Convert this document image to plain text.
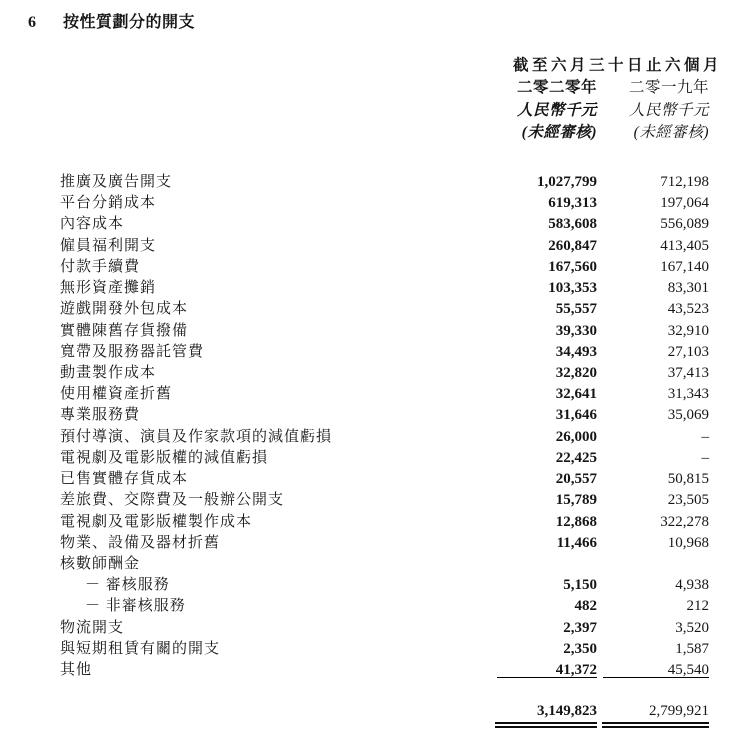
6	按性質劃分的開支
截至六月三十日止六個月
二零二零年	二零一九年
人民幣千元	人民幣千元
(未經審核)	(未經審核)
推廣及廣告開支	1,027,799	712,198
平台分銷成本	619,313	197,064
內容成本	583,608	556,089
僱員福利開支	260,847	413,405
付款手續費	167,560	167,140
無形資產攤銷	103,353	83,301
遊戲開發外包成本	55,557	43,523
實體陳舊存貨撥備	39,330	32,910
寬帶及服務器託管費	34,493	27,103
動畫製作成本	32,820	37,413
使用權資產折舊	32,641	31,343
專業服務費	31,646	35,069
預付導演、演員及作家款項的減值虧損	26,000	–
電視劇及電影版權的減值虧損	22,425	–
已售實體存貨成本	20,557	50,815
差旅費、交際費及一般辦公開支	15,789	23,505
電視劇及電影版權製作成本	12,868	322,278
物業、設備及器材折舊	11,466	10,968
核數師酬金
－ 審核服務	5,150	4,938
－ 非審核服務	482	212
物流開支	2,397	3,520
與短期租賃有關的開支	2,350	1,587
其他	41,372	45,540
3,149,823	2,799,921
